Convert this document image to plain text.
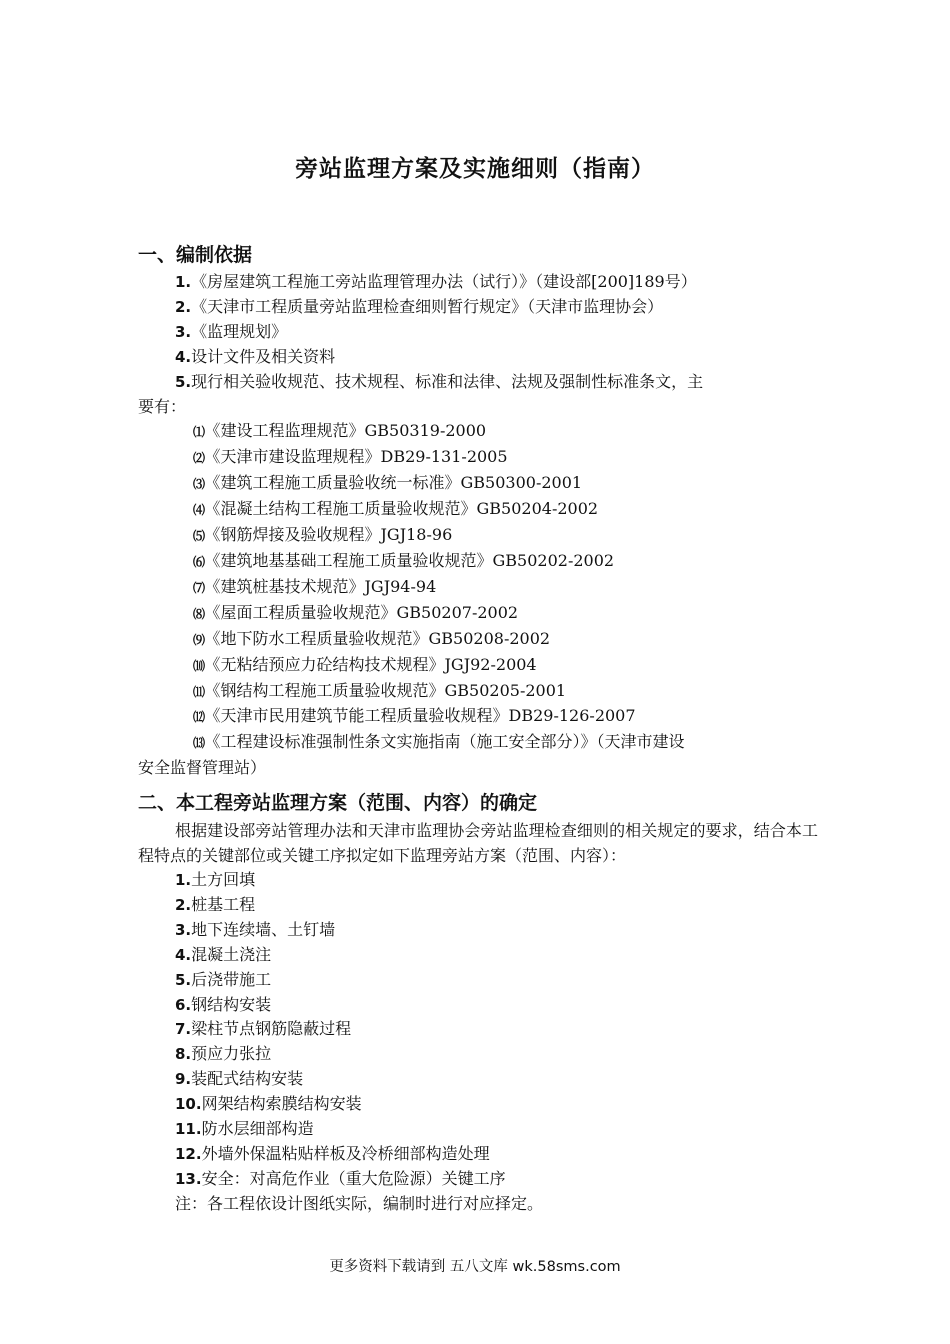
旁站监理方案及实施细则（指南）
一、编制依据
1.《房屋建筑工程施工旁站监理管理办法（试行）》（建设部[200]189号）
2.《天津市工程质量旁站监理检查细则暂行规定》（天津市监理协会）
3.《监理规划》
4.设计文件及相关资料
5.现行相关验收规范、技术规程、标准和法律、法规及强制性标准条文，主
要有：
⑴《建设工程监理规范》GB50319-2000
⑵《天津市建设监理规程》DB29-131-2005
⑶《建筑工程施工质量验收统一标准》GB50300-2001
⑷《混凝土结构工程施工质量验收规范》GB50204-2002
⑸《钢筋焊接及验收规程》JGJ18-96
⑹《建筑地基基础工程施工质量验收规范》GB50202-2002
⑺《建筑桩基技术规范》JGJ94-94
⑻《屋面工程质量验收规范》GB50207-2002
⑼《地下防水工程质量验收规范》GB50208-2002
⑽《无粘结预应力砼结构技术规程》JGJ92-2004
⑾《钢结构工程施工质量验收规范》GB50205-2001
⑿《天津市民用建筑节能工程质量验收规程》DB29-126-2007
⒀《工程建设标准强制性条文实施指南（施工安全部分）》（天津市建设
安全监督管理站）
二、本工程旁站监理方案（范围、内容）的确定
根据建设部旁站管理办法和天津市监理协会旁站监理检查细则的相关规定的要求，结合本工程特点的关键部位或关键工序拟定如下监理旁站方案（范围、内容）：
1.土方回填
2.桩基工程
3.地下连续墙、土钉墙
4.混凝土浇注
5.后浇带施工
6.钢结构安装
7.梁柱节点钢筋隐蔽过程
8.预应力张拉
9.装配式结构安装
10.网架结构索膜结构安装
11.防水层细部构造
12.外墙外保温粘贴样板及冷桥细部构造处理
13.安全：对高危作业（重大危险源）关键工序
注：各工程依设计图纸实际，编制时进行对应择定。
更多资料下载请到 五八文库 wk.58sms.com
